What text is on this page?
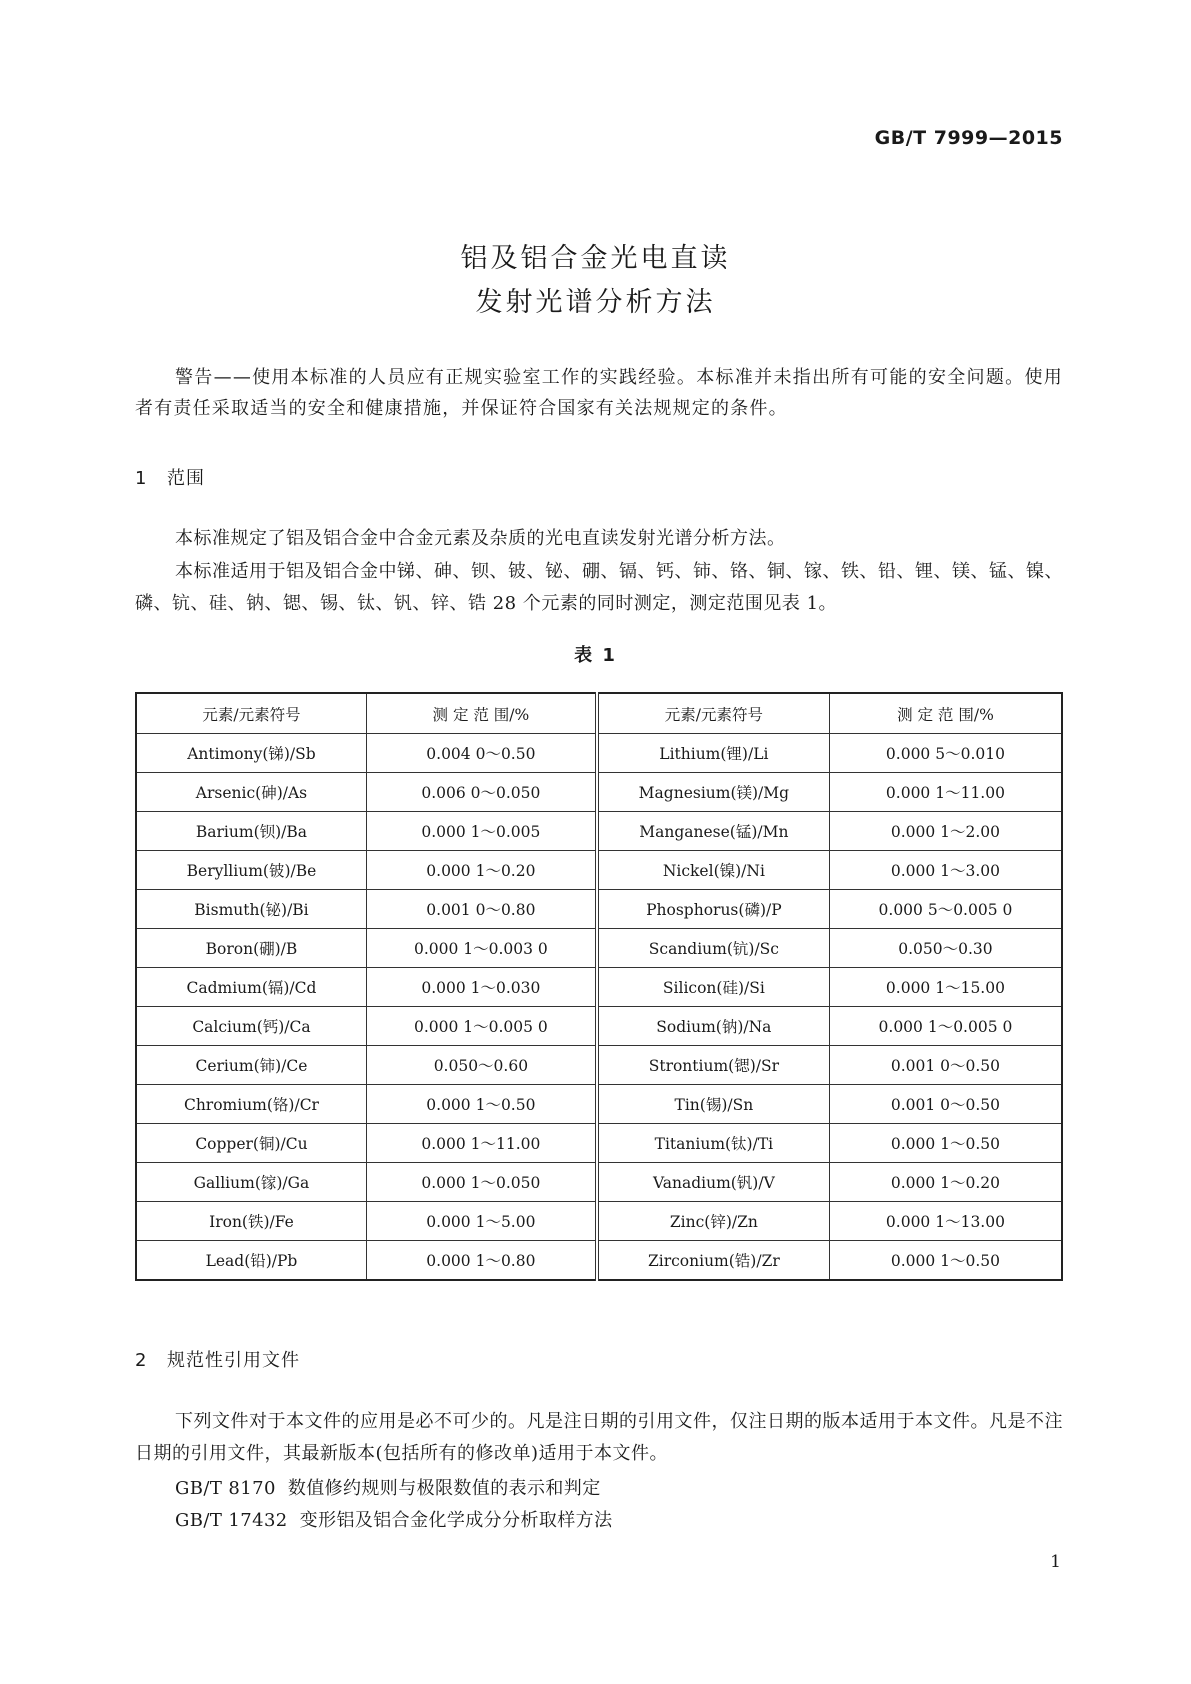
GB/T 7999—2015
铝及铝合金光电直读
发射光谱分析方法
警告——使用本标准的人员应有正规实验室工作的实践经验。本标准并未指出所有可能的安全问题。使用者有责任采取适当的安全和健康措施，并保证符合国家有关法规规定的条件。
1 范围
本标准规定了铝及铝合金中合金元素及杂质的光电直读发射光谱分析方法。
本标准适用于铝及铝合金中锑、砷、钡、铍、铋、硼、镉、钙、铈、铬、铜、镓、铁、铅、锂、镁、锰、镍、磷、钪、硅、钠、锶、锡、钛、钒、锌、锆 28 个元素的同时测定，测定范围见表 1。
表 1
元素/元素符号	测 定 范 围/%	元素/元素符号	测 定 范 围/%
Antimony(锑)/Sb	0.004 0～0.50	Lithium(锂)/Li	0.000 5～0.010
Arsenic(砷)/As	0.006 0～0.050	Magnesium(镁)/Mg	0.000 1～11.00
Barium(钡)/Ba	0.000 1～0.005	Manganese(锰)/Mn	0.000 1～2.00
Beryllium(铍)/Be	0.000 1～0.20	Nickel(镍)/Ni	0.000 1～3.00
Bismuth(铋)/Bi	0.001 0～0.80	Phosphorus(磷)/P	0.000 5～0.005 0
Boron(硼)/B	0.000 1～0.003 0	Scandium(钪)/Sc	0.050～0.30
Cadmium(镉)/Cd	0.000 1～0.030	Silicon(硅)/Si	0.000 1～15.00
Calcium(钙)/Ca	0.000 1～0.005 0	Sodium(钠)/Na	0.000 1～0.005 0
Cerium(铈)/Ce	0.050～0.60	Strontium(锶)/Sr	0.001 0～0.50
Chromium(铬)/Cr	0.000 1～0.50	Tin(锡)/Sn	0.001 0～0.50
Copper(铜)/Cu	0.000 1～11.00	Titanium(钛)/Ti	0.000 1～0.50
Gallium(镓)/Ga	0.000 1～0.050	Vanadium(钒)/V	0.000 1～0.20
Iron(铁)/Fe	0.000 1～5.00	Zinc(锌)/Zn	0.000 1～13.00
Lead(铅)/Pb	0.000 1～0.80	Zirconium(锆)/Zr	0.000 1～0.50
2 规范性引用文件
下列文件对于本文件的应用是必不可少的。凡是注日期的引用文件，仅注日期的版本适用于本文件。凡是不注日期的引用文件，其最新版本(包括所有的修改单)适用于本文件。
GB/T 8170 数值修约规则与极限数值的表示和判定
GB/T 17432 变形铝及铝合金化学成分分析取样方法
1
